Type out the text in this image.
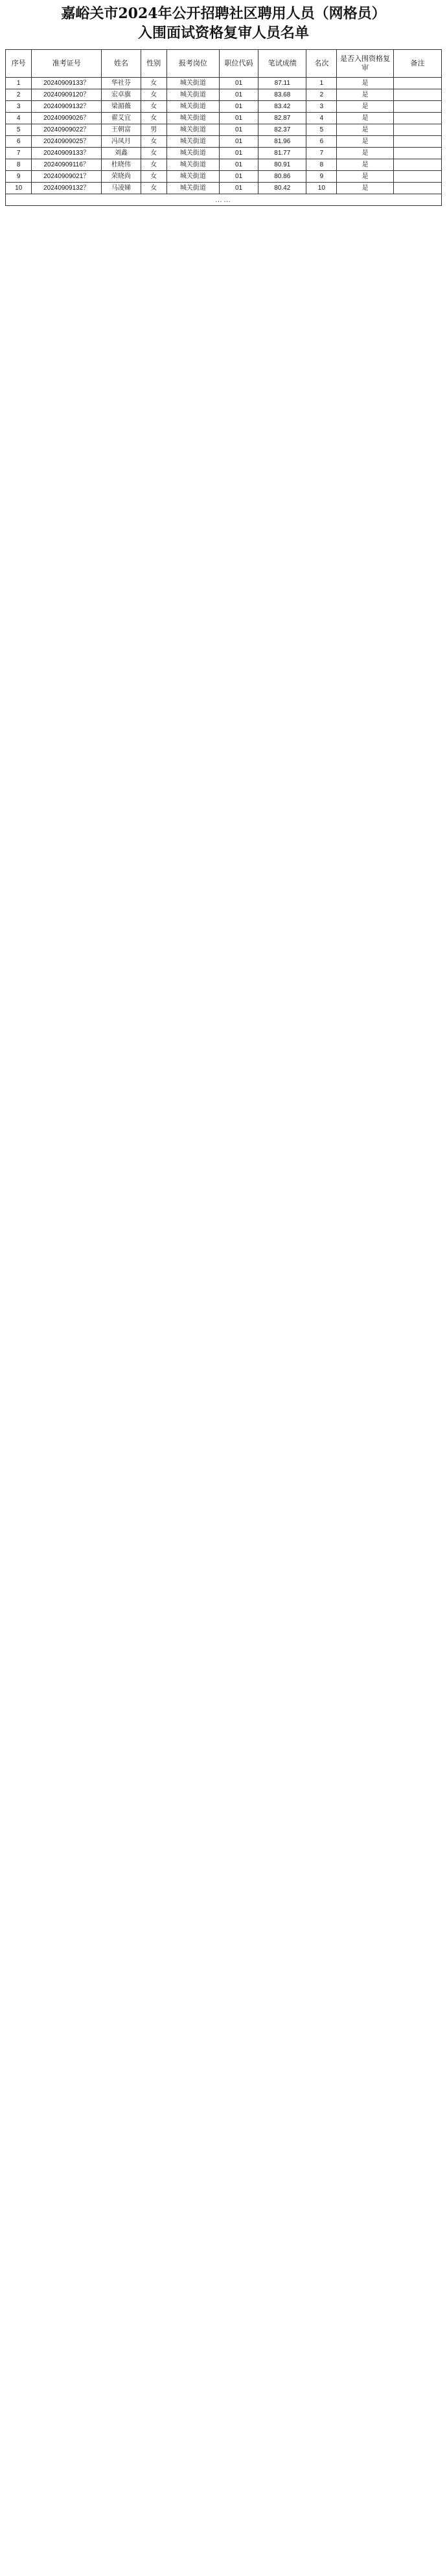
嘉峪关市2024年公开招聘社区聘用人员（网格员）
入围面试资格复审人员名单
序号	准考证号	姓名	性别	报考岗位	职位代码	笔试成绩	名次	是否入围资格复审	备注
1	20240909133？	华社芬	女	城关街道	01	87.11	1	是	
2	20240909120？	宏卓旗	女	城关街道	01	83.68	2	是	
3	20240909132？	梁湄薇	女	城关街道	01	83.42	3	是	
4	20240909026？	翟艾宜	女	城关街道	01	82.87	4	是	
5	20240909022？	王朝富	男	城关街道	01	82.37	5	是	
6	20240909025？	冯凤月	女	城关街道	01	81.96	6	是	
7	20240909133？	刘鑫	女	城关街道	01	81.77	7	是	
8	20240909116？	杜晓伟	女	城关街道	01	80.91	8	是	
9	20240909021？	荣晓尚	女	城关街道	01	80.86	9	是	
10	20240909132？	马凌娣	女	城关街道	01	80.42	10	是	
……									
